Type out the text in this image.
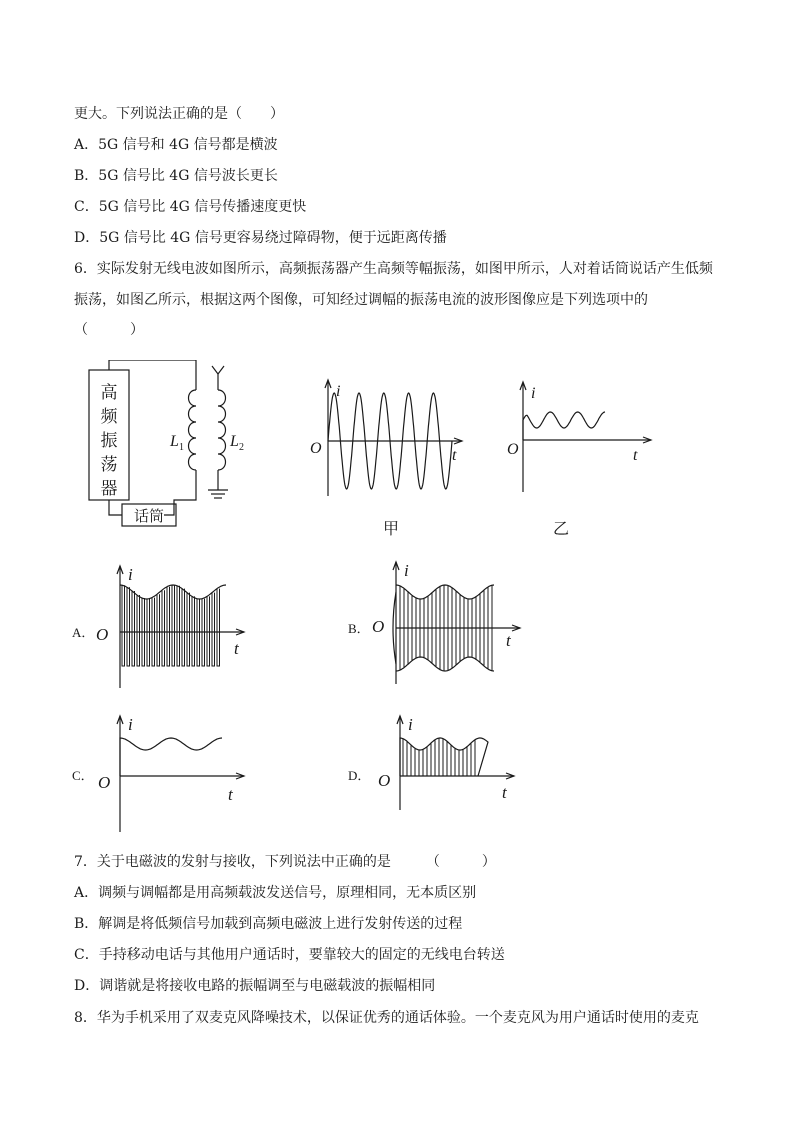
更大。下列说法正确的是（　　）
A．5G 信号和 4G 信号都是横波
B．5G 信号比 4G 信号波长更长
C．5G 信号比 4G 信号传播速度更快
D．5G 信号比 4G 信号更容易绕过障碍物，便于远距离传播
6．实际发射无线电波如图所示，高频振荡器产生高频等幅振荡，如图甲所示，人对着话筒说话产生低频
振荡，如图乙所示，根据这两个图像，可知经过调幅的振荡电流的波形图像应是下列选项中的
（　　　）
高
频
振
荡
器
话筒
L 1	L 2
i
O	t
甲
i
O	t
乙
A．
i
O
t
B．
i
O
t
C．
i
O
t
D．
i
O
t
7．关于电磁波的发射与接收，下列说法中正确的是　　　（　　　）
A．调频与调幅都是用高频载波发送信号，原理相同，无本质区别
B．解调是将低频信号加载到高频电磁波上进行发射传送的过程
C．手持移动电话与其他用户通话时，要靠较大的固定的无线电台转送
D．调谐就是将接收电路的振幅调至与电磁载波的振幅相同
8．华为手机采用了双麦克风降噪技术，以保证优秀的通话体验。一个麦克风为用户通话时使用的麦克
